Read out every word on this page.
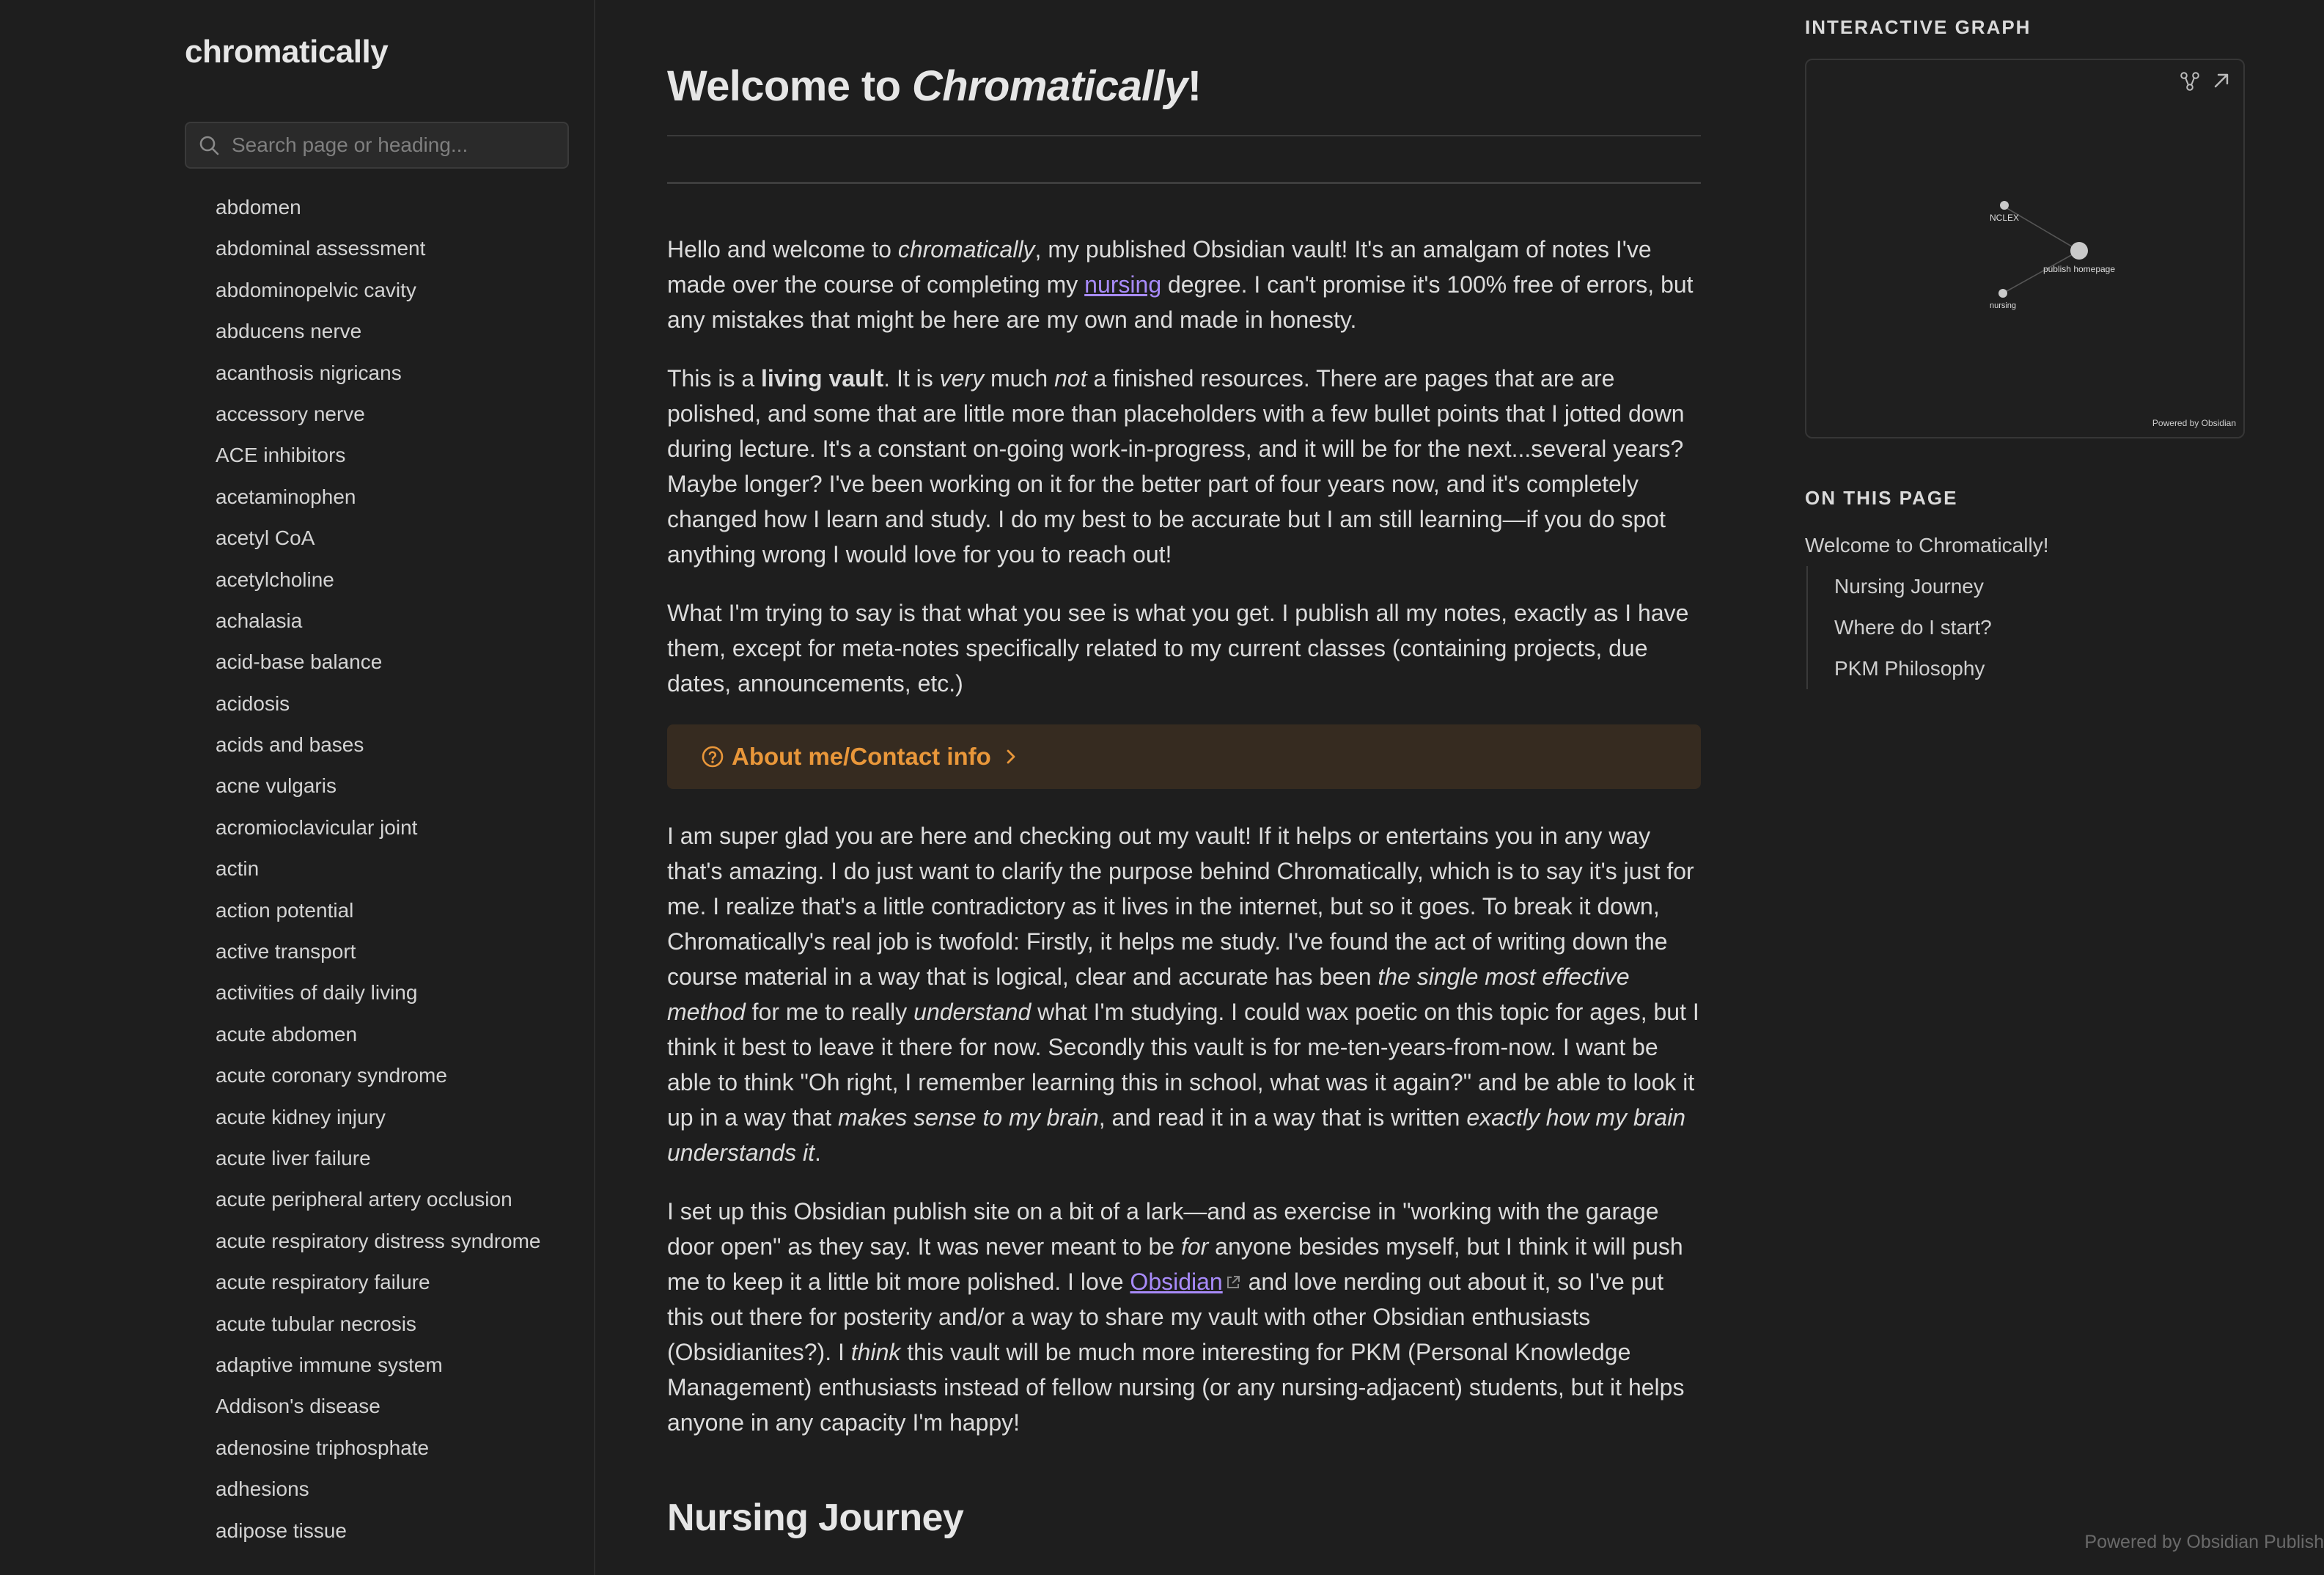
chromatically
Search page or heading...
abdomen
abdominal assessment
abdominopelvic cavity
abducens nerve
acanthosis nigricans
accessory nerve
ACE inhibitors
acetaminophen
acetyl CoA
acetylcholine
achalasia
acid-base balance
acidosis
acids and bases
acne vulgaris
acromioclavicular joint
actin
action potential
active transport
activities of daily living
acute abdomen
acute coronary syndrome
acute kidney injury
acute liver failure
acute peripheral artery occlusion
acute respiratory distress syndrome
acute respiratory failure
acute tubular necrosis
adaptive immune system
Addison's disease
adenosine triphosphate
adhesions
adipose tissue
Welcome to Chromatically!

Hello and welcome to chromatically, my published Obsidian vault! It's an amalgam of notes I've made over the course of completing my nursing degree. I can't promise it's 100% free of errors, but any mistakes that might be here are my own and made in honesty.

This is a living vault. It is very much not a finished resources. There are pages that are are polished, and some that are little more than placeholders with a few bullet points that I jotted down during lecture. It's a constant on-going work-in-progress, and it will be for the next...several years? Maybe longer? I've been working on it for the better part of four years now, and it's completely changed how I learn and study. I do my best to be accurate but I am still learning—if you do spot anything wrong I would love for you to reach out!

What I'm trying to say is that what you see is what you get. I publish all my notes, exactly as I have them, except for meta-notes specifically related to my current classes (containing projects, due dates, announcements, etc.)

About me/Contact info

I am super glad you are here and checking out my vault! If it helps or entertains you in any way that's amazing. I do just want to clarify the purpose behind Chromatically, which is to say it's just for me. I realize that's a little contradictory as it lives in the internet, but so it goes. To break it down, Chromatically's real job is twofold: Firstly, it helps me study. I've found the act of writing down the course material in a way that is logical, clear and accurate has been the single most effective method for me to really understand what I'm studying. I could wax poetic on this topic for ages, but I think it best to leave it there for now. Secondly this vault is for me-ten-years-from-now. I want be able to think "Oh right, I remember learning this in school, what was it again?" and be able to look it up in a way that makes sense to my brain, and read it in a way that is written exactly how my brain understands it.

I set up this Obsidian publish site on a bit of a lark—and as exercise in "working with the garage door open" as they say. It was never meant to be for anyone besides myself, but I think it will push me to keep it a little bit more polished. I love Obsidian and love nerding out about it, so I've put this out there for posterity and/or a way to share my vault with other Obsidian enthusiasts (Obsidianites?). I think this vault will be much more interesting for PKM (Personal Knowledge Management) enthusiasts instead of fellow nursing (or any nursing-adjacent) students, but it helps anyone in any capacity I'm happy!

Nursing Journey
INTERACTIVE GRAPH
NCLEX
publish homepage
nursing
Powered by Obsidian
ON THIS PAGE
Welcome to Chromatically!
Nursing Journey
Where do I start?
PKM Philosophy
Powered by Obsidian Publish
